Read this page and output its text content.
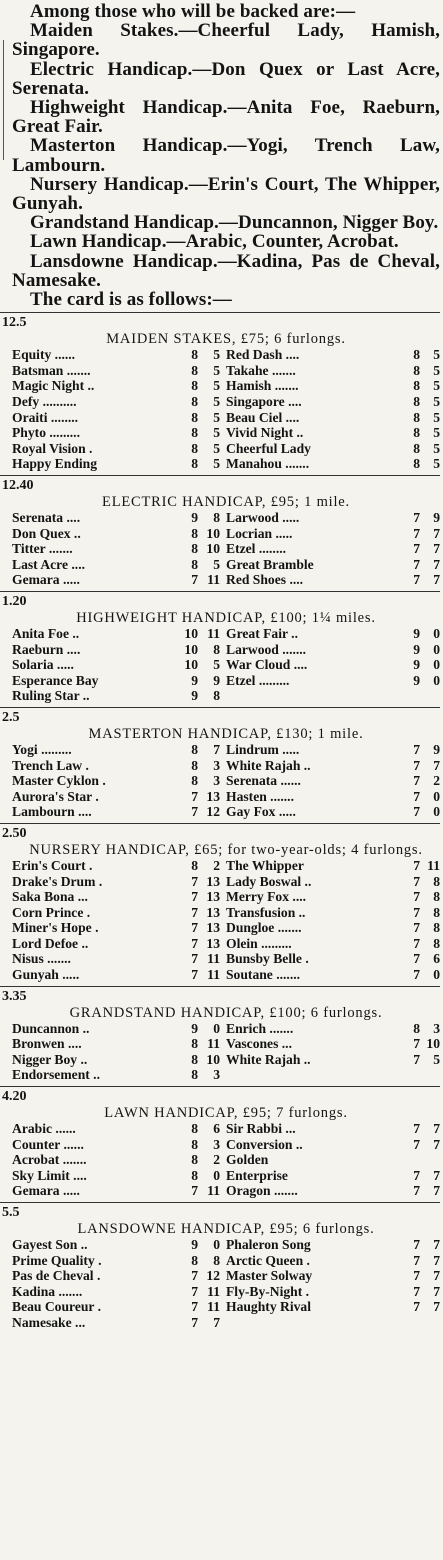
Among those who will be backed are:—

Maiden Stakes.—Cheerful Lady, Hamish, Singapore.

Electric Handicap.—Don Quex or Last Acre, Serenata.

Highweight Handicap.—Anita Foe, Raeburn, Great Fair.

Masterton Handicap.—Yogi, Trench Law, Lambourn.

Nursery Handicap.—Erin's Court, The Whipper, Gunyah.

Grandstand Handicap.—Duncannon, Nigger Boy.

Lawn Handicap.—Arabic, Counter, Acrobat.

Lansdowne Handicap.—Kadina, Pas de Cheval, Namesake.

The card is as follows:—

12.5
MAIDEN STAKES, £75; 6 furlongs.
Equity ......	8	5 Red Dash ....	8 5
Batsman .......	8	5 Takahe .......	8 5
Magic Night ..	8	5 Hamish .......	8 5
Defy ..........	8	5 Singapore ....	8 5
Oraiti ........	8	5 Beau Ciel ....	8 5
Phyto .........	8	5 Vivid Night ..	8 5
Royal Vision .	8	5 Cheerful Lady	8 5
Happy Ending	8	5 Manahou .......	8 5
12.40
ELECTRIC HANDICAP, £95; 1 mile.
Serenata ....	9	8 Larwood .....	7 9
Don Quex ..	8 10 Locrian .....	7 7
Titter .......	8 10 Etzel ........	7 7
Last Acre ....	8	5 Great Bramble	7 7
Gemara .....	7 11 Red Shoes ....	7 7
1.20
HIGHWEIGHT HANDICAP, £100; 1¼ miles.
Anita Foe ..	10 11 Great Fair ..	9 0
Raeburn ....	10	8 Larwood .......	9 0
Solaria .....	10	5 War Cloud ....	9 0
Esperance Bay	9	9 Etzel .........	9 0
Ruling Star ..	9	8
2.5
MASTERTON HANDICAP, £130; 1 mile.
Yogi .........	8	7 Lindrum .....	7 9
Trench Law .	8	3 White Rajah ..	7 7
Master Cyklon .	8	3 Serenata ......	7 2
Aurora's Star .	7 13 Hasten .......	7 0
Lambourn ....	7 12 Gay Fox .....	7 0
2.50
NURSERY HANDICAP, £65; for two-year-olds; 4 furlongs.
Erin's Court .	8	2 The Whipper	7 11
Drake's Drum .	7 13 Lady Boswal ..	7 8
Saka Bona ...	7 13 Merry Fox ....	7 8
Corn Prince .	7 13 Transfusion ..	7 8
Miner's Hope .	7 13 Dungloe .......	7 8
Lord Defoe ..	7 13 Olein .........	7 8
Nisus .......	7 11 Bunsby Belle .	7 6
Gunyah .....	7 11 Soutane .......	7 0
3.35
GRANDSTAND HANDICAP, £100; 6 furlongs.
Duncannon ..	9	0 Enrich .......	8 3
Bronwen ....	8 11 Vascones ...	7 10
Nigger Boy ..	8 10 White Rajah ..	7 5
Endorsement ..	8	3
4.20
LAWN HANDICAP, £95; 7 furlongs.
Arabic ......	8	6 Sir Rabbi ...	7 7
Counter ......	8	3 Conversion ..	7 7
Acrobat .......	8	2 Golden
Sky Limit ....	8	0 Enterprise	7 7
Gemara .....	7 11 Oragon .......	7 7
5.5
LANSDOWNE HANDICAP, £95; 6 furlongs.
Gayest Son ..	9	0 Phaleron Song	7 7
Prime Quality .	8	8 Arctic Queen .	7 7
Pas de Cheval .	7 12 Master Solway	7 7
Kadina .......	7 11 Fly-By-Night .	7 7
Beau Coureur .	7 11 Haughty Rival	7 7
Namesake ...	7	7
